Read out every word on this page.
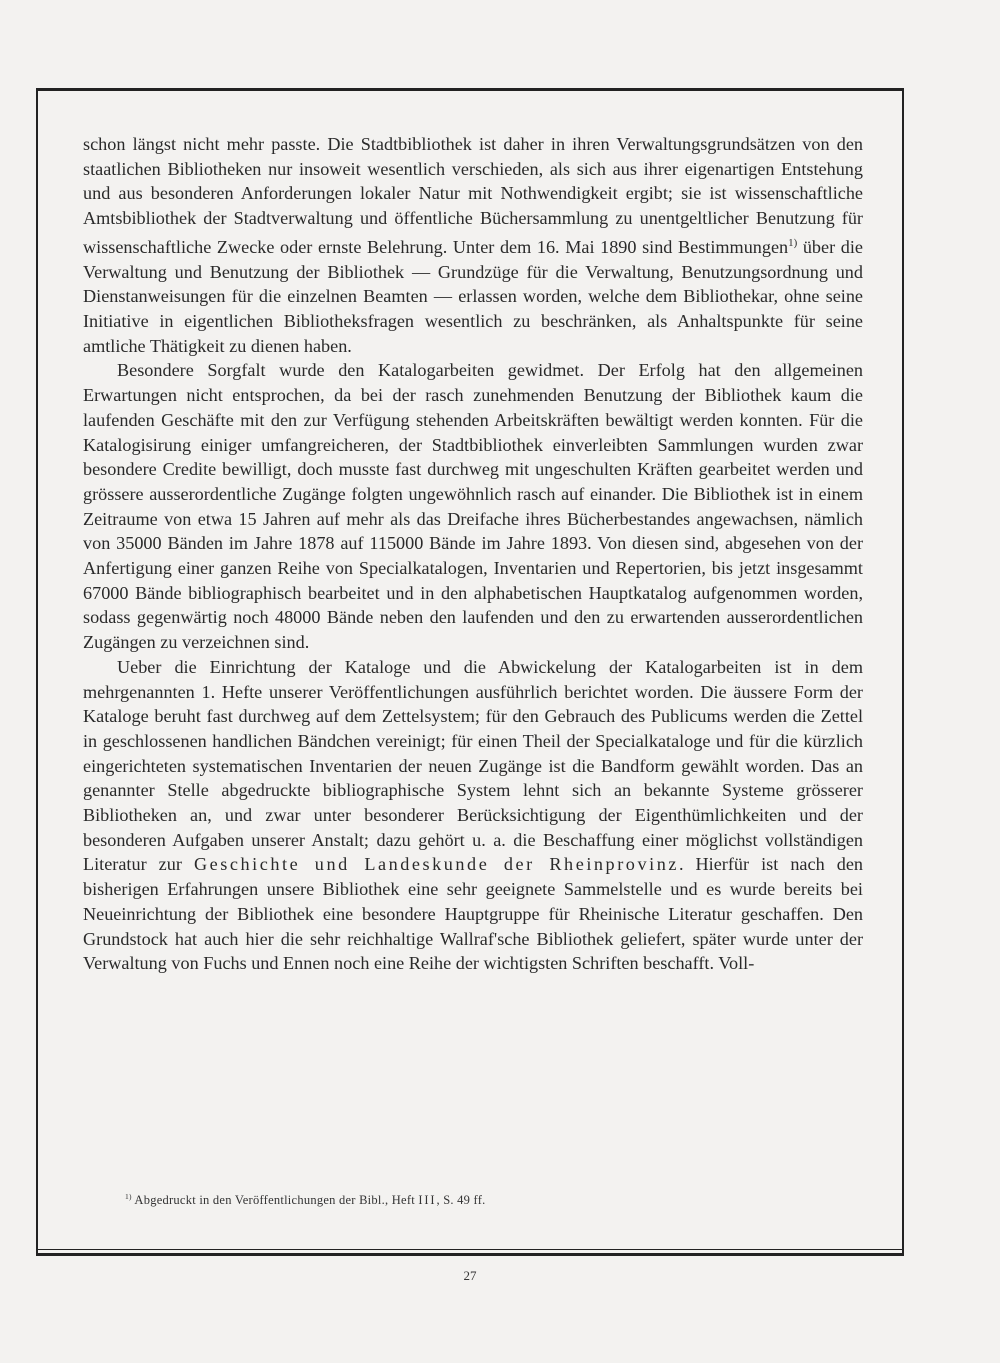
schon längst nicht mehr passte. Die Stadtbibliothek ist daher in ihren Verwaltungsgrundsätzen von den staatlichen Bibliotheken nur insoweit wesentlich verschieden, als sich aus ihrer eigenartigen Entstehung und aus besonderen Anforderungen lokaler Natur mit Nothwendigkeit ergibt; sie ist wissenschaftliche Amtsbibliothek der Stadtverwaltung und öffentliche Büchersammlung zu unentgeltlicher Benutzung für wissenschaftliche Zwecke oder ernste Belehrung. Unter dem 16. Mai 1890 sind Bestimmungen$^{1)}$ über die Verwaltung und Benutzung der Bibliothek — Grundzüge für die Verwaltung, Benutzungsordnung und Dienstanweisungen für die einzelnen Beamten — erlassen worden, welche dem Bibliothekar, ohne seine Initiative in eigentlichen Bibliotheksfragen wesentlich zu beschränken, als Anhaltspunkte für seine amtliche Thätigkeit zu dienen haben.

Besondere Sorgfalt wurde den Katalogarbeiten gewidmet. Der Erfolg hat den allgemeinen Erwartungen nicht entsprochen, da bei der rasch zunehmenden Benutzung der Bibliothek kaum die laufenden Geschäfte mit den zur Verfügung stehenden Arbeitskräften bewältigt werden konnten. Für die Katalogisirung einiger umfangreicheren, der Stadtbibliothek einverleibten Sammlungen wurden zwar besondere Credite bewilligt, doch musste fast durchweg mit ungeschulten Kräften gearbeitet werden und grössere ausserordentliche Zugänge folgten ungewöhnlich rasch auf einander. Die Bibliothek ist in einem Zeitraume von etwa 15 Jahren auf mehr als das Dreifache ihres Bücherbestandes angewachsen, nämlich von 35000 Bänden im Jahre 1878 auf 115000 Bände im Jahre 1893. Von diesen sind, abgesehen von der Anfertigung einer ganzen Reihe von Specialkatalogen, Inventarien und Repertorien, bis jetzt insgesammt 67000 Bände bibliographisch bearbeitet und in den alphabetischen Hauptkatalog aufgenommen worden, sodass gegenwärtig noch 48000 Bände neben den laufenden und den zu erwartenden ausserordentlichen Zugängen zu verzeichnen sind.

Ueber die Einrichtung der Kataloge und die Abwickelung der Katalogarbeiten ist in dem mehrgenannten 1. Hefte unserer Veröffentlichungen ausführlich berichtet worden. Die äussere Form der Kataloge beruht fast durchweg auf dem Zettelsystem; für den Gebrauch des Publicums werden die Zettel in geschlossenen handlichen Bändchen vereinigt; für einen Theil der Specialkataloge und für die kürzlich eingerichteten systematischen Inventarien der neuen Zugänge ist die Bandform gewählt worden. Das an genannter Stelle abgedruckte bibliographische System lehnt sich an bekannte Systeme grösserer Bibliotheken an, und zwar unter besonderer Berücksichtigung der Eigenthümlichkeiten und der besonderen Aufgaben unserer Anstalt; dazu gehört u. a. die Beschaffung einer möglichst vollständigen Literatur zur Geschichte und Landeskunde der Rheinprovinz. Hierfür ist nach den bisherigen Erfahrungen unsere Bibliothek eine sehr geeignete Sammelstelle und es wurde bereits bei Neueinrichtung der Bibliothek eine besondere Hauptgruppe für Rheinische Literatur geschaffen. Den Grundstock hat auch hier die sehr reichhaltige Wallraf'sche Bibliothek geliefert, später wurde unter der Verwaltung von Fuchs und Ennen noch eine Reihe der wichtigsten Schriften beschafft. Voll-

$^{1)}$ Abgedruckt in den Veröffentlichungen der Bibl., Heft III, S. 49 ff.
27
